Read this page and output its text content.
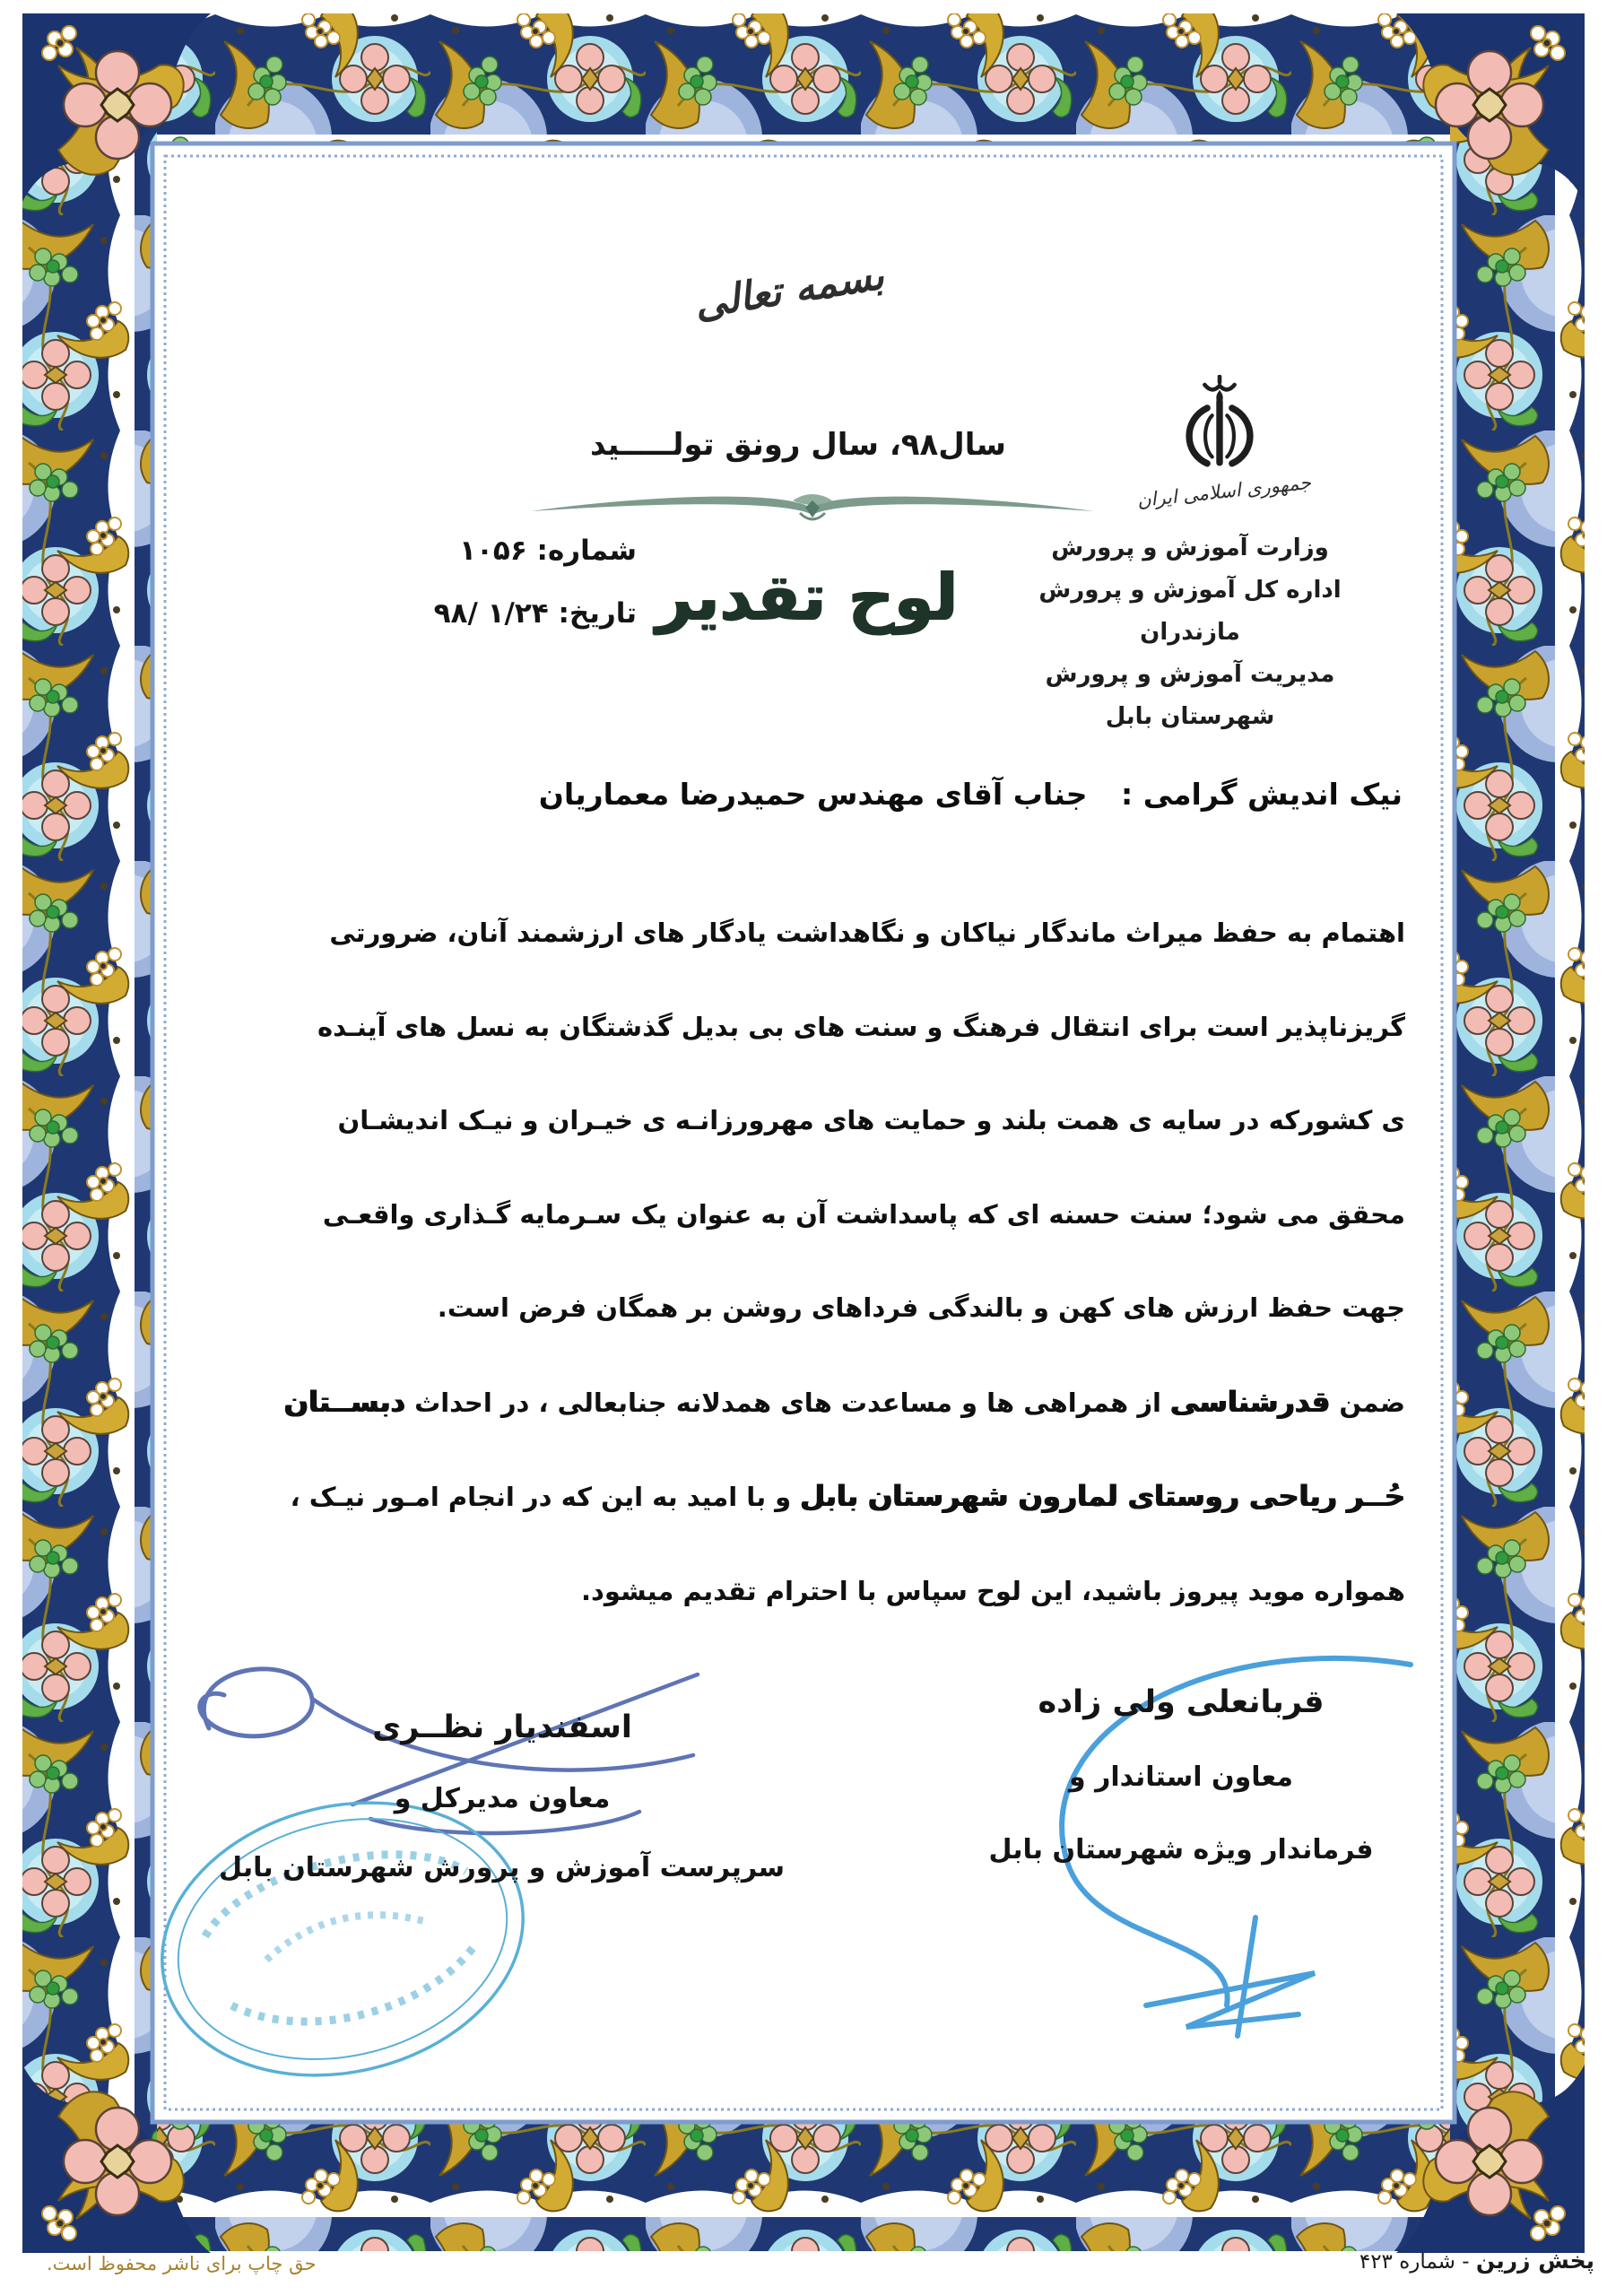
بسمه تعالی
سال۹۸، سال رونق تولـــــید
جمهوری اسلامی ایران
وزارت آموزش و پرورش
اداره کل آموزش و پرورش مازندران
مدیریت آموزش و پرورش شهرستان بابل
شماره: ۱۰۵۶
تاریخ: ۹۸/ ۱/۲۴	لوح تقدیر
نیک اندیش گرامی : جناب آقای مهندس حمیدرضا معماریان
اهتمام به حفظ میراث ماندگار نیاکان و نگاهداشت یادگار های ارزشمند آنان، ضرورتی
گریزناپذیر است برای انتقال فرهنگ و سنت های بی بدیل گذشتگان به نسل های آینـده
ی کشورکه در سایه ی همت بلند و حمایت های مهرورزانـه ی خیـران و نیـک اندیشـان
محقق می شود؛ سنت حسنه ای که پاسداشت آن به عنوان یک سـرمایه گـذاری واقعـی
جهت حفظ ارزش های کهن و بالندگی فرداهای روشن بر همگان فرض است.
ضمن قدرشناسی از همراهی ها و مساعدت های همدلانه جنابعالی ، در احداث دبســتان
حُــر ریاحی روستای لمارون شهرستان بابل و با امید به این که در انجام امـور نیـک ،
همواره موید پیروز باشید، این لوح سپاس با احترام تقدیم میشود.
قربانعلی ولی زاده
معاون استاندار و
فرماندار ویژه شهرستان بابل
اسفندیار نظــری
معاون مدیرکل و
سرپرست آموزش و پرورش شهرستان بابل
حق چاپ برای ناشر محفوظ است.	پخش زرین - شماره ۴۲۳
